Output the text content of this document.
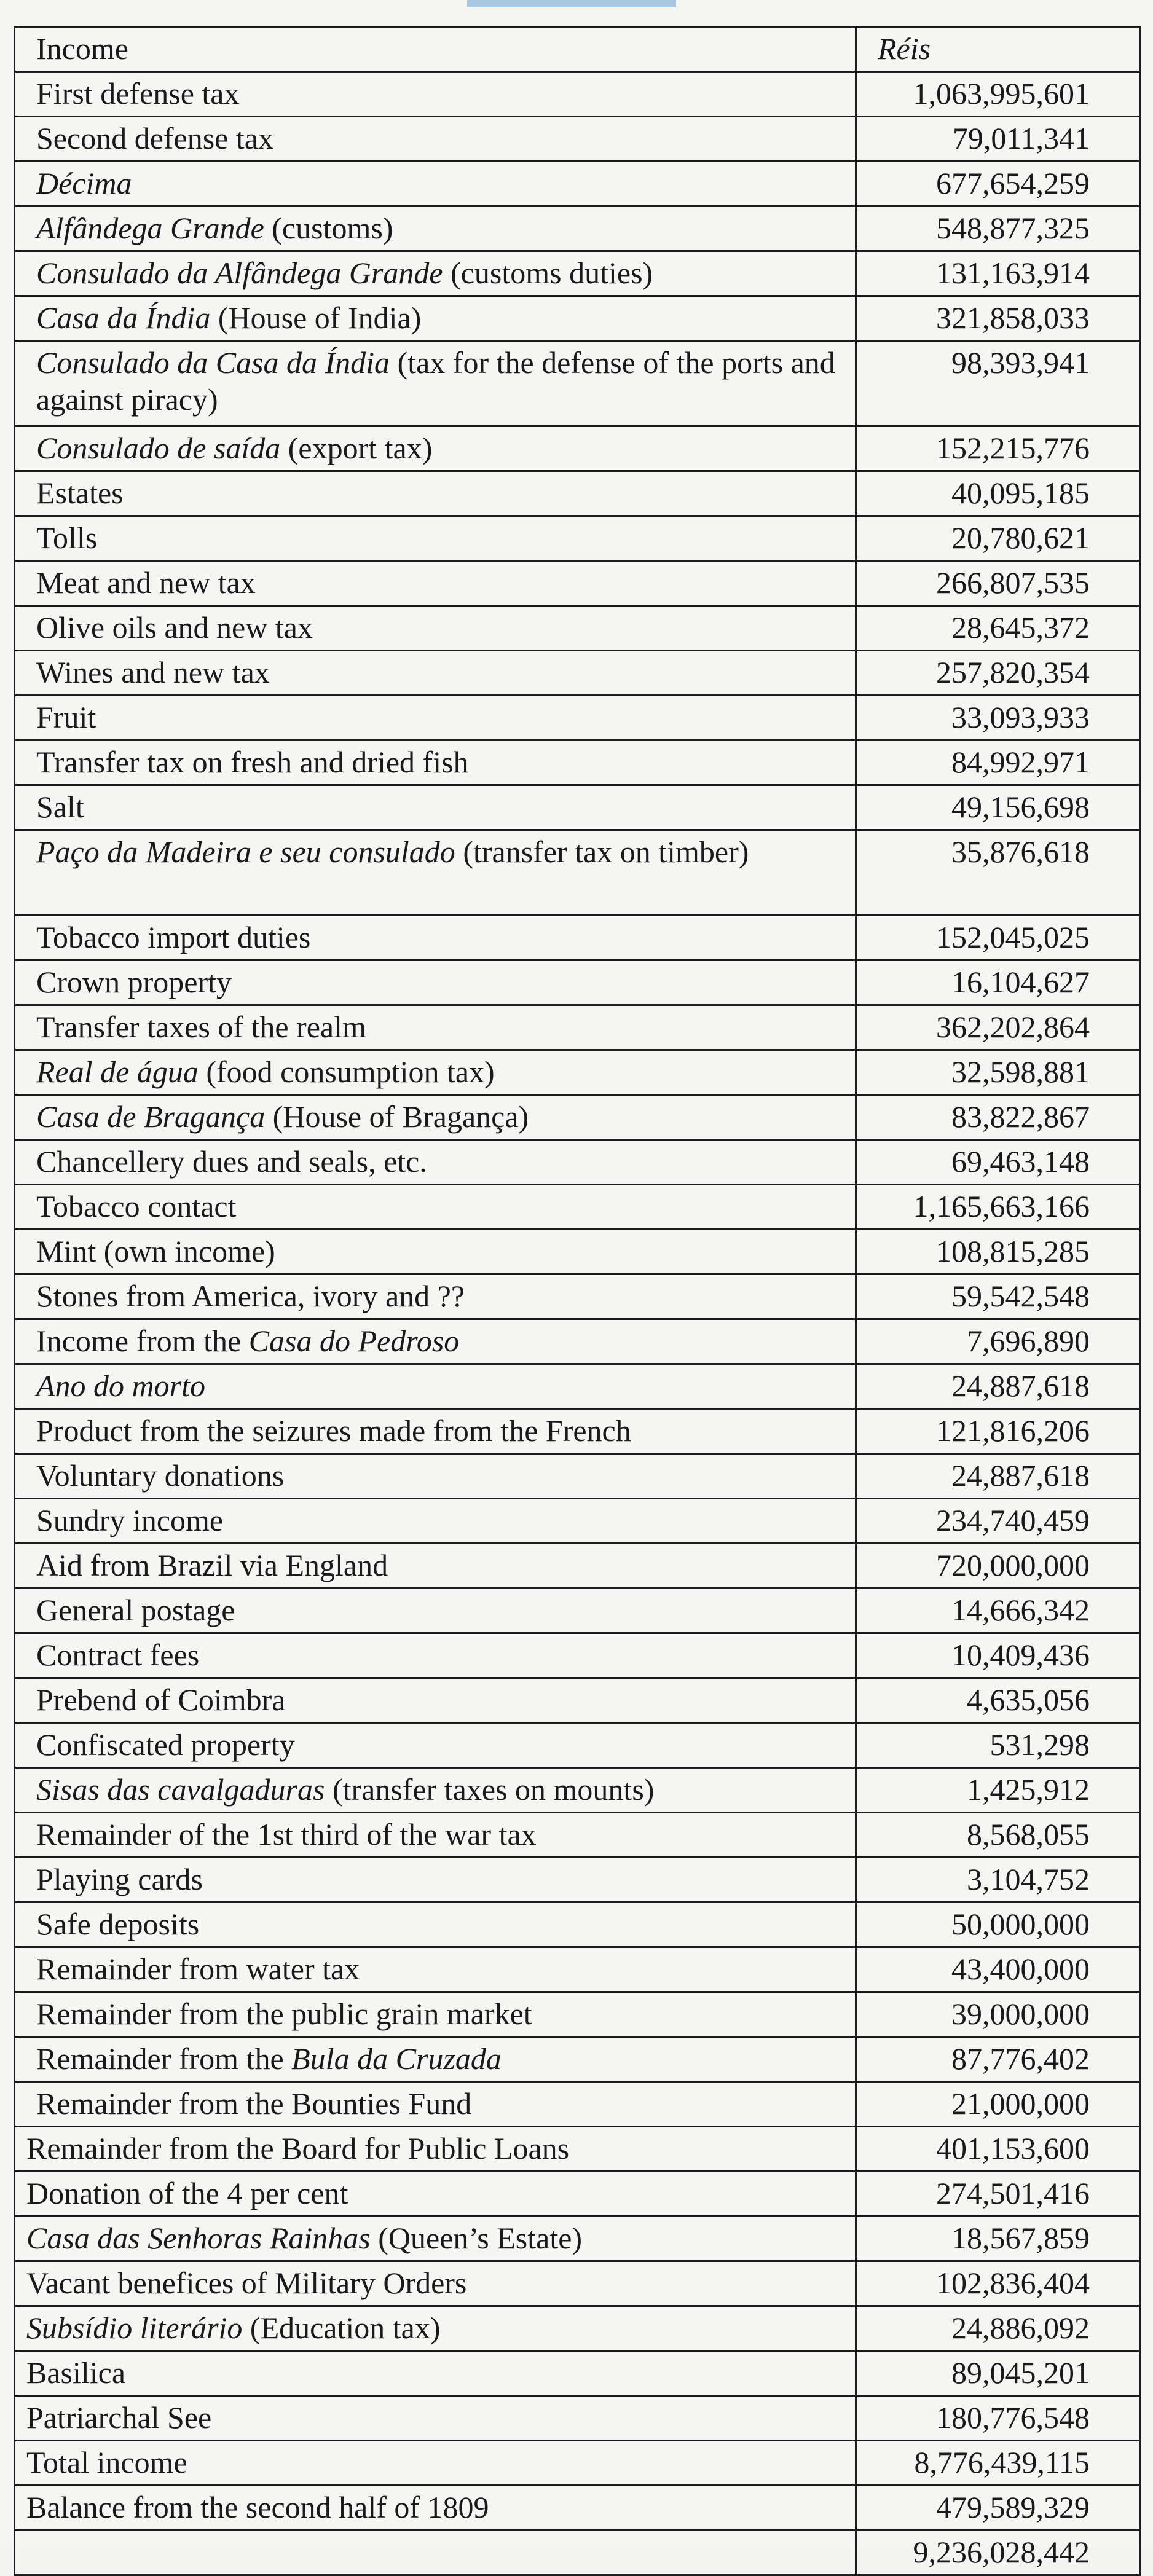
Income	Réis
First defense tax	1,063,995,601
Second defense tax	79,011,341
Décima	677,654,259
Alfândega Grande (customs)	548,877,325
Consulado da Alfândega Grande (customs duties)	131,163,914
Casa da Índia (House of India)	321,858,033
Consulado da Casa da Índia (tax for the defense of the ports and against piracy)	98,393,941
Consulado de saída (export tax)	152,215,776
Estates	40,095,185
Tolls	20,780,621
Meat and new tax	266,807,535
Olive oils and new tax	28,645,372
Wines and new tax	257,820,354
Fruit	33,093,933
Transfer tax on fresh and dried fish	84,992,971
Salt	49,156,698
Paço da Madeira e seu consulado (transfer tax on timber)	35,876,618
Tobacco import duties	152,045,025
Crown property	16,104,627
Transfer taxes of the realm	362,202,864
Real de água (food consumption tax)	32,598,881
Casa de Bragança (House of Bragança)	83,822,867
Chancellery dues and seals, etc.	69,463,148
Tobacco contact	1,165,663,166
Mint (own income)	108,815,285
Stones from America, ivory and ??	59,542,548
Income from the Casa do Pedroso	7,696,890
Ano do morto	24,887,618
Product from the seizures made from the French	121,816,206
Voluntary donations	24,887,618
Sundry income	234,740,459
Aid from Brazil via England	720,000,000
General postage	14,666,342
Contract fees	10,409,436
Prebend of Coimbra	4,635,056
Confiscated property	531,298
Sisas das cavalgaduras (transfer taxes on mounts)	1,425,912
Remainder of the 1st third of the war tax	8,568,055
Playing cards	3,104,752
Safe deposits	50,000,000
Remainder from water tax	43,400,000
Remainder from the public grain market	39,000,000
Remainder from the Bula da Cruzada	87,776,402
Remainder from the Bounties Fund	21,000,000
Remainder from the Board for Public Loans	401,153,600
Donation of the 4 per cent	274,501,416
Casa das Senhoras Rainhas (Queen’s Estate)	18,567,859
Vacant benefices of Military Orders	102,836,404
Subsídio literário (Education tax)	24,886,092
Basilica	89,045,201
Patriarchal See	180,776,548
Total income	8,776,439,115
Balance from the second half of 1809	479,589,329
	9,236,028,442
